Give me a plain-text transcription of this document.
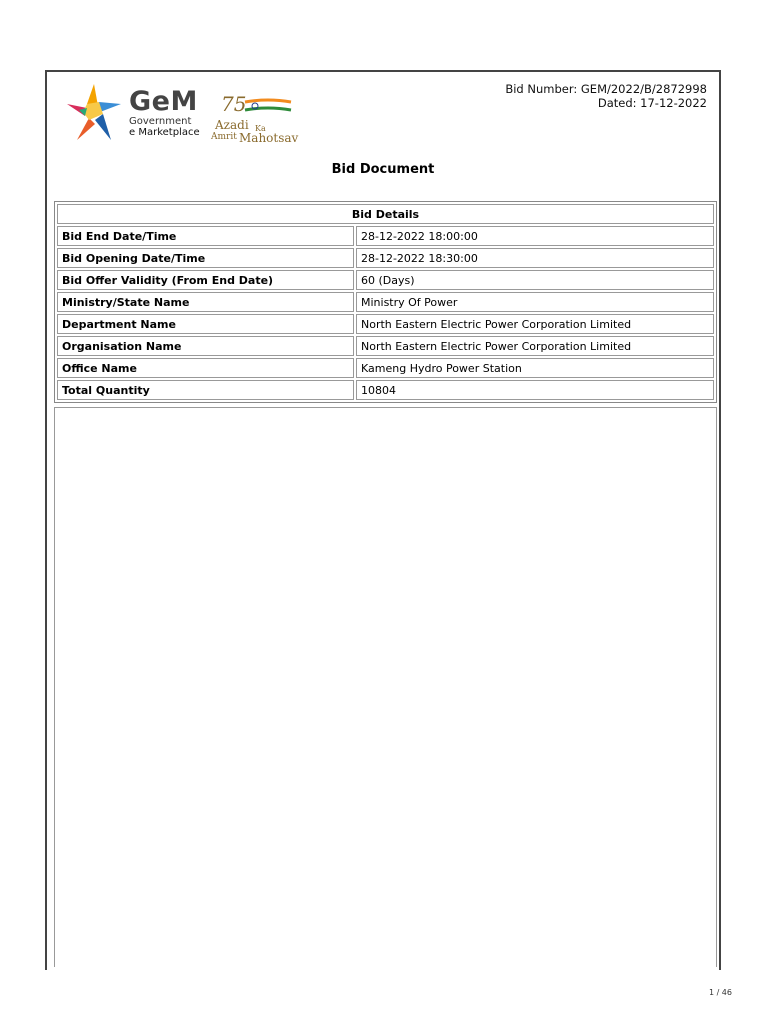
GeM
Government
e Marketplace
75
Azadi Ka
Amrit Mahotsav
Bid Number: GEM/2022/B/2872998
Dated: 17-12-2022
Bid Document
Bid Details	
Bid End Date/Time	28-12-2022 18:00:00
Bid Opening Date/Time	28-12-2022 18:30:00
Bid Offer Validity (From End Date)	60 (Days)
Ministry/State Name	Ministry Of Power
Department Name	North Eastern Electric Power Corporation Limited
Organisation Name	North Eastern Electric Power Corporation Limited
Office Name	Kameng Hydro Power Station
Total Quantity	10804
1 / 46
